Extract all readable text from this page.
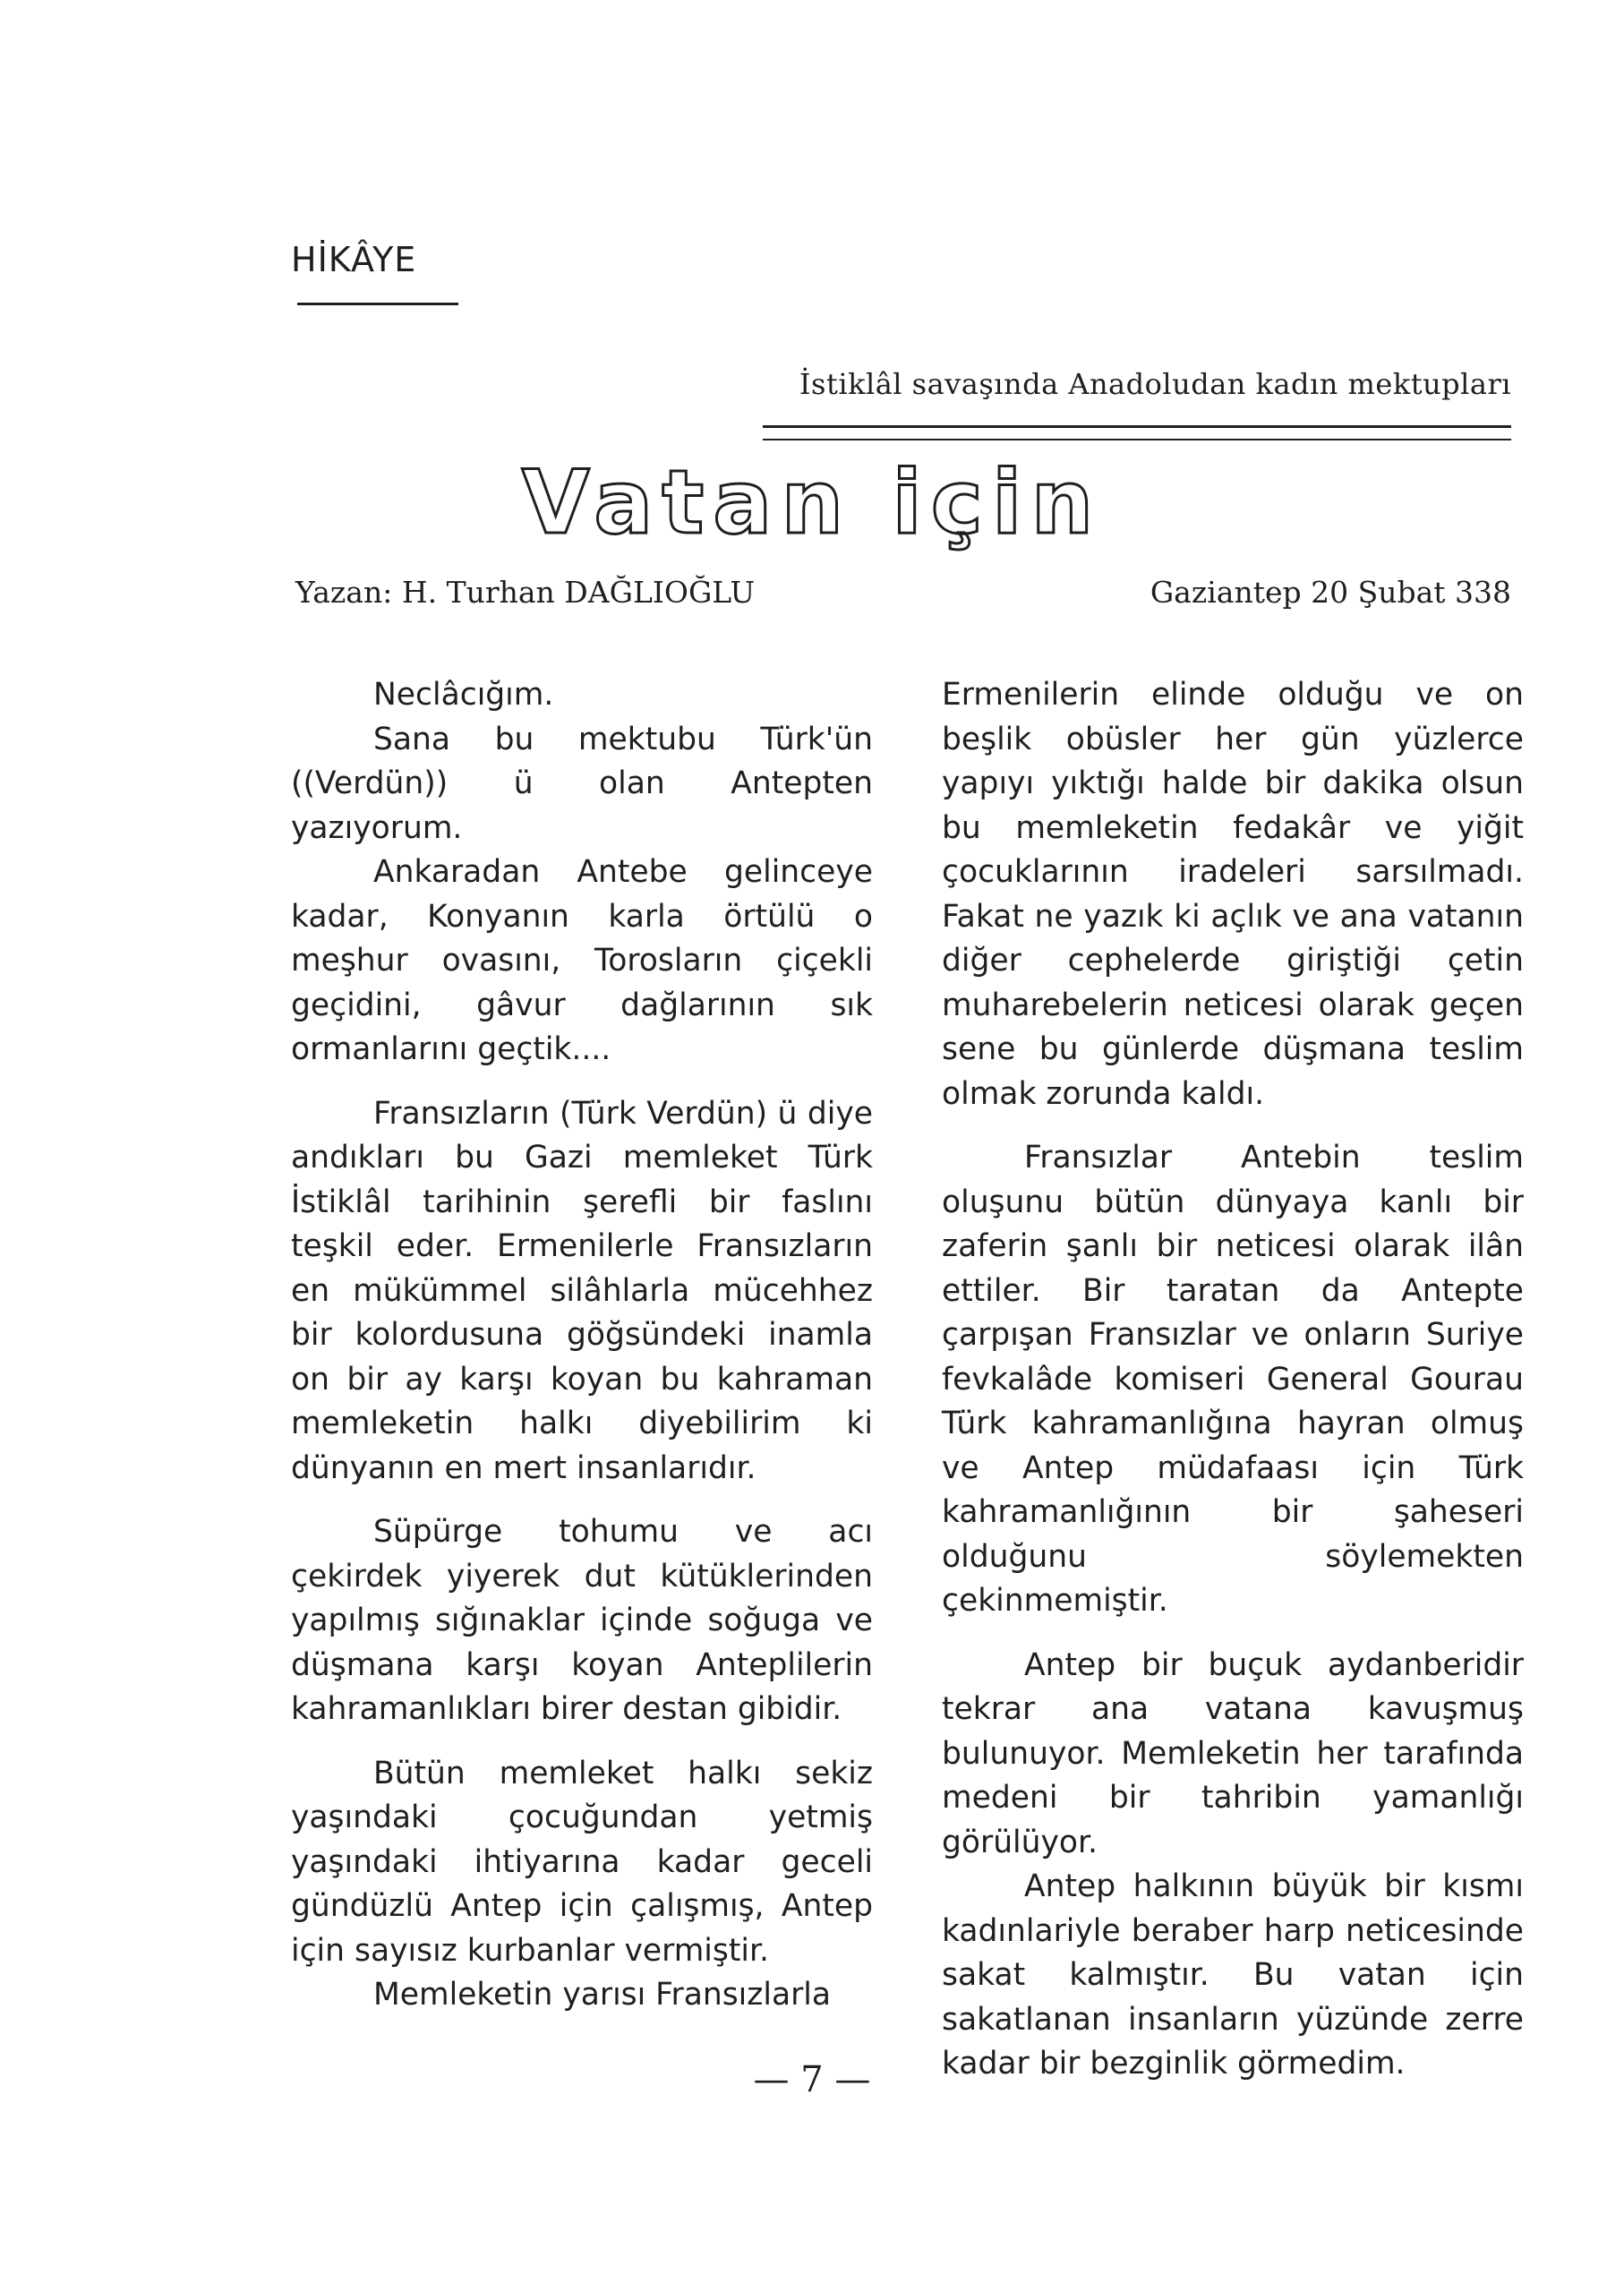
HİKÂYE
İstiklâl savaşında Anadoludan kadın mektupları
Vatan için
Yazan: H. Turhan DAĞLIOĞLU	Gaziantep 20 Şubat 338

Neclâcığım.

Sana bu mektubu Türk'ün ((Verdün)) ü olan Antepten yazıyorum.

Ankaradan Antebe gelinceye kadar, Konyanın karla örtülü o meşhur ovasını, Torosların çiçekli geçidini, gâvur dağlarının sık ormanlarını geçtik....

Fransızların (Türk Verdün) ü diye andıkları bu Gazi memleket Türk İstiklâl tarihinin şerefli bir faslını teşkil eder. Ermenilerle Fransızların en mükümmel silâhlarla mücehhez bir kolordusuna göğsündeki inamla on bir ay karşı koyan bu kahraman memleketin halkı diyebilirim ki dünyanın en mert insanlarıdır.

Süpürge tohumu ve acı çekirdek yiyerek dut kütüklerinden yapılmış sığınaklar içinde soğuga ve düşmana karşı koyan Anteplilerin kahramanlıkları birer destan gibidir.

Bütün memleket halkı sekiz yaşındaki çocuğundan yetmiş yaşındaki ihtiyarına kadar geceli gündüzlü Antep için çalışmış, Antep için sayısız kurbanlar vermiştir.

Memleketin yarısı Fransızlarla

Ermenilerin elinde olduğu ve on beşlik obüsler her gün yüzlerce yapıyı yıktığı halde bir dakika olsun bu memleketin fedakâr ve yiğit çocuklarının iradeleri sarsılmadı. Fakat ne yazık ki açlık ve ana vatanın diğer cephelerde giriştiği çetin muharebelerin neticesi olarak geçen sene bu günlerde düşmana teslim olmak zorunda kaldı.

Fransızlar Antebin teslim oluşunu bütün dünyaya kanlı bir zaferin şanlı bir neticesi olarak ilân ettiler. Bir taratan da Antepte çarpışan Fransızlar ve onların Suriye fevkalâde komiseri General Gourau Türk kahramanlığına hayran olmuş ve Antep müdafaası için Türk kahramanlığının bir şaheseri olduğunu söylemekten çekinmemiştir.

Antep bir buçuk aydanberidir tekrar ana vatana kavuşmuş bulunuyor. Memleketin her tarafında medeni bir tahribin yamanlığı görülüyor.

Antep halkının büyük bir kısmı kadınlariyle beraber harp neticesinde sakat kalmıştır. Bu vatan için sakatlanan insanların yüzünde zerre kadar bir bezginlik görmedim.

— 7 —
